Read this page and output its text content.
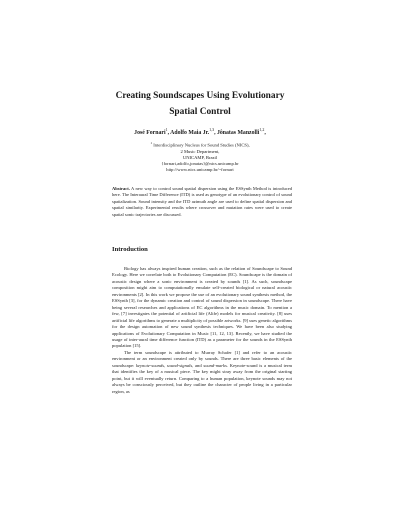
Creating Soundscapes Using Evolutionary
Spatial Control
José Fornari$^1$, Adolfo Maia Jr.$^{1,3}$, Jônatas Manzolli$^{1,2}$,
$^1$ Interdisciplinary Nucleus for Sound Studies (NICS),
2 Music Department,
UNICAMP, Brazil
{fornari,adolfo,jonatas}@nics.unicamp.br
http://www.nics.unicamp.br/~fornari
Abstract. A new way to control sound spatial dispersion using the ESSynth Method is introduced here. The Interaural Time Difference (ITD) is used as genotype of an evolutionary control of sound spatialization. Sound intensity and the ITD azimuth angle are used to define spatial dispersion and spatial similarity. Experimental results where crossover and mutation rates were used to create spatial sonic trajectories are discussed.
Introduction

Biology has always inspired human creation, such as the relation of Soundscape to Sound Ecology. Here we correlate both to Evolutionary Computation (EC). Soundscape is the domain of acoustic design where a sonic environment is created by sounds [1]. As such, soundscape composition might aim to computationally emulate self-created biological or natural acoustic environments [2]. In this work we propose the use of an evolutionary sound synthesis method, the ESSynth [3], for the dynamic creation and control of sound dispersion in soundscape. There have being several researches and applications of EC algorithms in the music domain. To mention a few, [7] investigates the potential of artificial life (Alife) models for musical creativity. [8] uses artificial life algorithms to generate a multiplicity of possible artworks. [9] uses genetic algorithms for the design automation of new sound synthesis techniques. We have been also studying applications of Evolutionary Computation in Music [11, 12, 13]. Recently, we have studied the usage of inter-aural time difference function (ITD) as a parameter for the sounds in the ESSynth population [15].

The term soundscape is attributed to Murray Schafer [1] and refer to an acoustic environment or an environment created only by sounds. There are three basic elements of the soundscape: keynote-sounds, sound-signals, and sound-marks. Keynote-sound is a musical term that identifies the key of a musical piece. The key might stray away from the original starting point, but it will eventually return. Comparing to a human population, keynote sounds may not always be consciously perceived, but they outline the character of people living in a particular region, as
